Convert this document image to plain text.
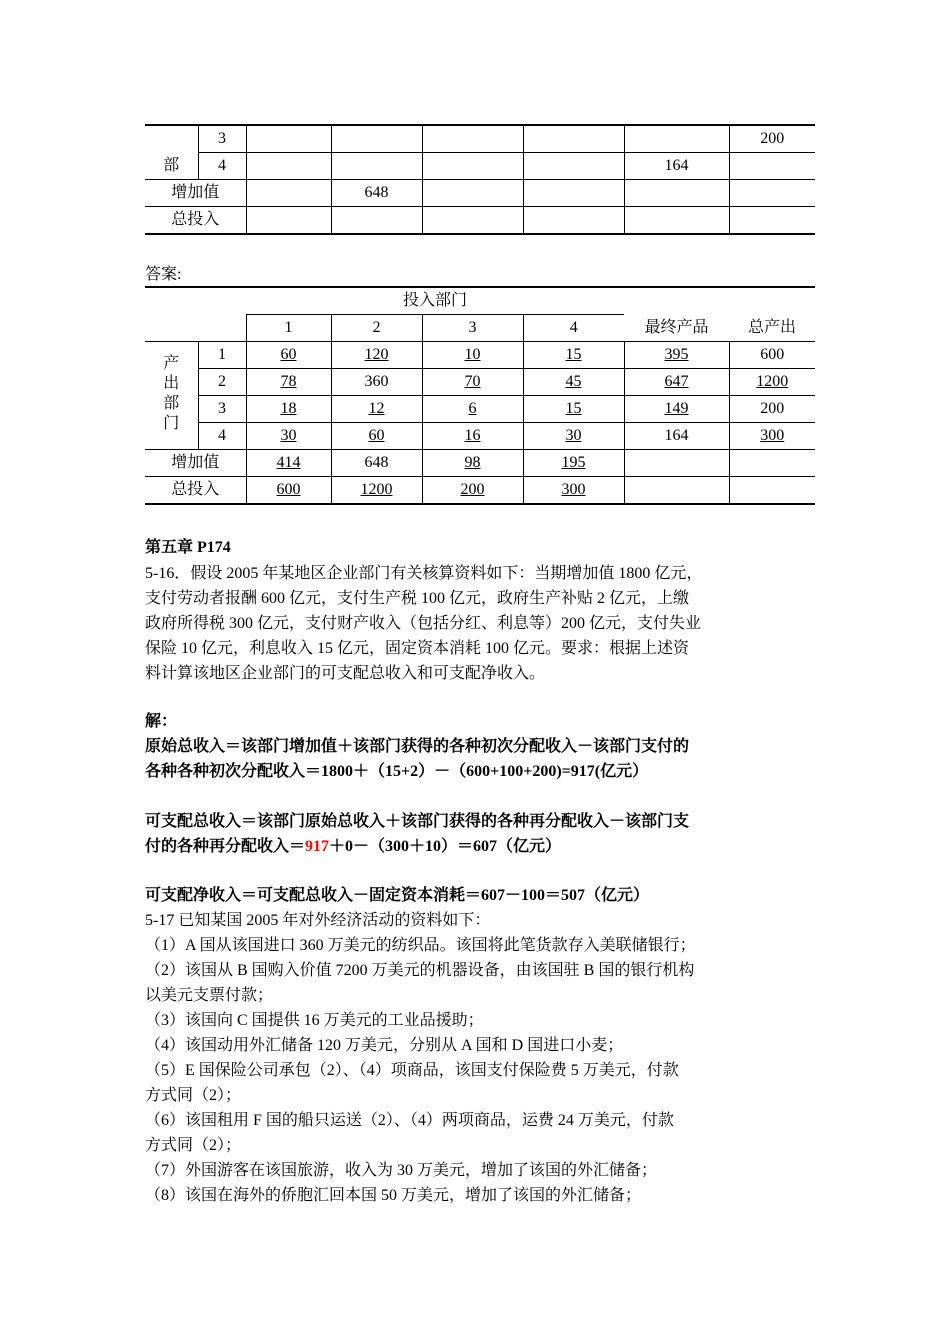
	3						200
部	4					164	
增加值			648				
总投入							
答案:
		投入部门					
		1	2	3	4	最终产品	总产出
产
出
部
门	1	60	120	10	15	395	600
	2	78	360	70	45	647	1200
	3	18	12	6	15	149	200
	4	30	60	16	30	164	300
增加值		414	648	98	195		
总投入		600	1200	200	300		
第五章 P174
5-16．假设 2005 年某地区企业部门有关核算资料如下：当期增加值 1800 亿元，
支付劳动者报酬 600 亿元，支付生产税 100 亿元，政府生产补贴 2 亿元，上缴
政府所得税 300 亿元，支付财产收入（包括分红、利息等）200 亿元，支付失业
保险 10 亿元，利息收入 15 亿元，固定资本消耗 100 亿元。要求：根据上述资
料计算该地区企业部门的可支配总收入和可支配净收入。
解：
原始总收入＝该部门增加值＋该部门获得的各种初次分配收入－该部门支付的
各种各种初次分配收入＝1800＋（15+2）－（600+100+200)=917(亿元）
可支配总收入＝该部门原始总收入＋该部门获得的各种再分配收入－该部门支
付的各种再分配收入＝917＋0－（300＋10）＝607（亿元）
可支配净收入＝可支配总收入－固定资本消耗＝607－100＝507（亿元）
5-17 已知某国 2005 年对外经济活动的资料如下：
（1）A 国从该国进口 360 万美元的纺织品。该国将此笔货款存入美联储银行；
（2）该国从 B 国购入价值 7200 万美元的机器设备，由该国驻 B 国的银行机构
以美元支票付款；
（3）该国向 C 国提供 16 万美元的工业品援助；
（4）该国动用外汇储备 120 万美元，分别从 A 国和 D 国进口小麦；
（5）E 国保险公司承包（2）、（4）项商品，该国支付保险费 5 万美元，付款
方式同（2）；
（6）该国租用 F 国的船只运送（2）、（4）两项商品，运费 24 万美元，付款
方式同（2）；
（7）外国游客在该国旅游，收入为 30 万美元，增加了该国的外汇储备；
（8）该国在海外的侨胞汇回本国 50 万美元，增加了该国的外汇储备；
